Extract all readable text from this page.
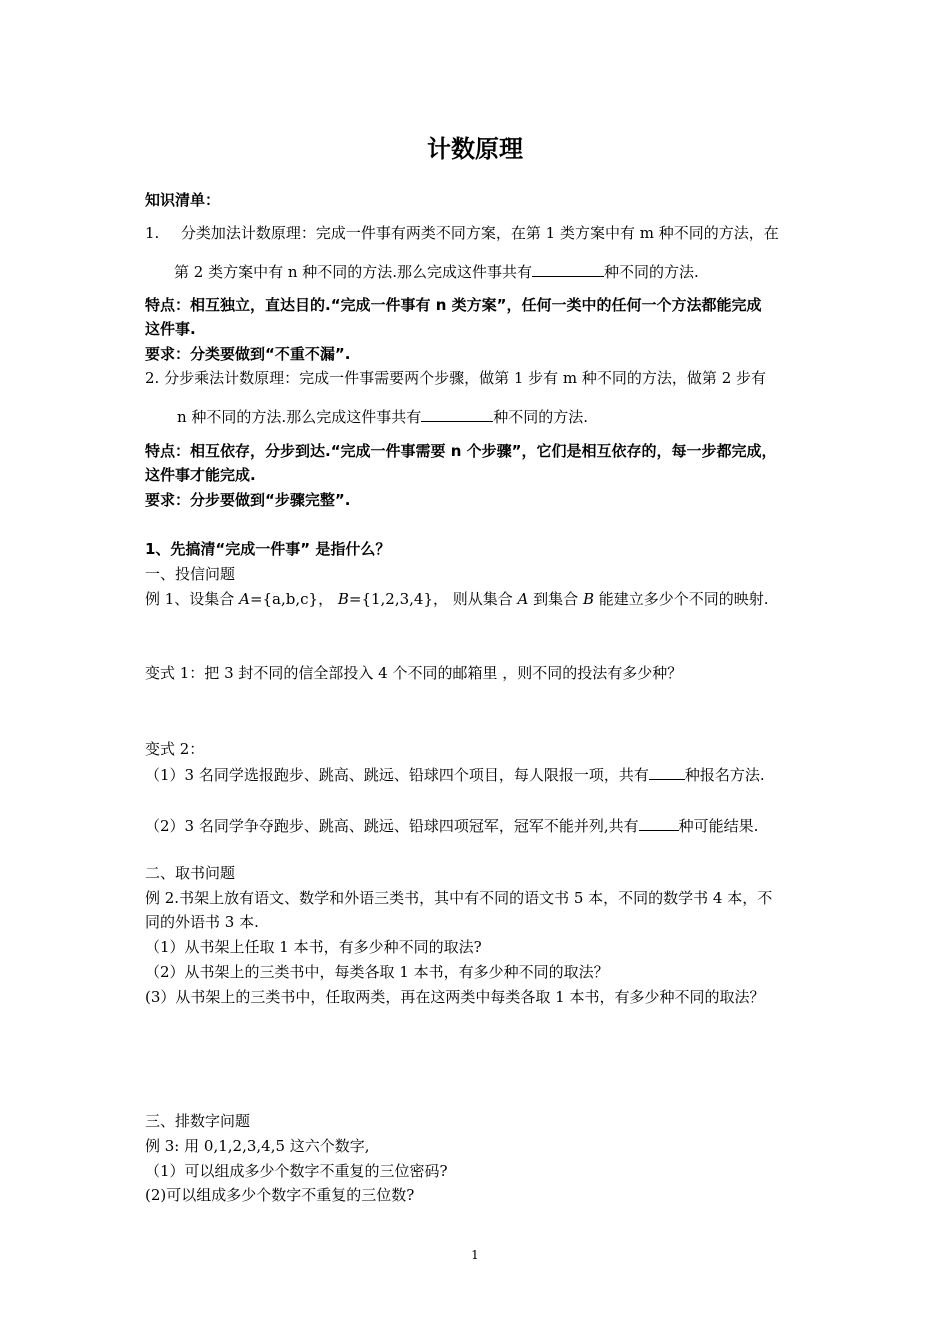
计数原理
知识清单：
1. 分类加法计数原理：完成一件事有两类不同方案，在第 1 类方案中有 m 种不同的方法，在
第 2 类方案中有 n 种不同的方法.那么完成这件事共有	种不同的方法.
特点：相互独立，直达目的.“完成一件事有 n 类方案”，任何一类中的任何一个方法都能完成
这件事.
要求：分类要做到“不重不漏”.
2. 分步乘法计数原理：完成一件事需要两个步骤，做第 1 步有 m 种不同的方法，做第 2 步有
n 种不同的方法.那么完成这件事共有	种不同的方法.
特点：相互依存，分步到达.“完成一件事需要 n 个步骤”，它们是相互依存的，每一步都完成，
这件事才能完成.
要求：分步要做到“步骤完整”.
1、先搞清“完成一件事” 是指什么？
一、投信问题
例 1、设集合 A={a,b,c}， B={1,2,3,4}， 则从集合 A 到集合 B 能建立多少个不同的映射.
变式 1：把 3 封不同的信全部投入 4 个不同的邮箱里 ，则不同的投法有多少种？
变式 2：
（1）3 名同学选报跑步、跳高、跳远、铅球四个项目，每人限报一项，共有 种报名方法.
（2）3 名同学争夺跑步、跳高、跳远、铅球四项冠军，冠军不能并列,共有	种可能结果.
二、取书问题
例 2.书架上放有语文、数学和外语三类书，其中有不同的语文书 5 本，不同的数学书 4 本，不
同的外语书 3 本.
（1）从书架上任取 1 本书，有多少种不同的取法?
（2）从书架上的三类书中，每类各取 1 本书，有多少种不同的取法？
(3）从书架上的三类书中，任取两类，再在这两类中每类各取 1 本书，有多少种不同的取法？
三、排数字问题
例 3: 用 0,1,2,3,4,5 这六个数字,
（1）可以组成多少个数字不重复的三位密码?
(2)可以组成多少个数字不重复的三位数?
1
